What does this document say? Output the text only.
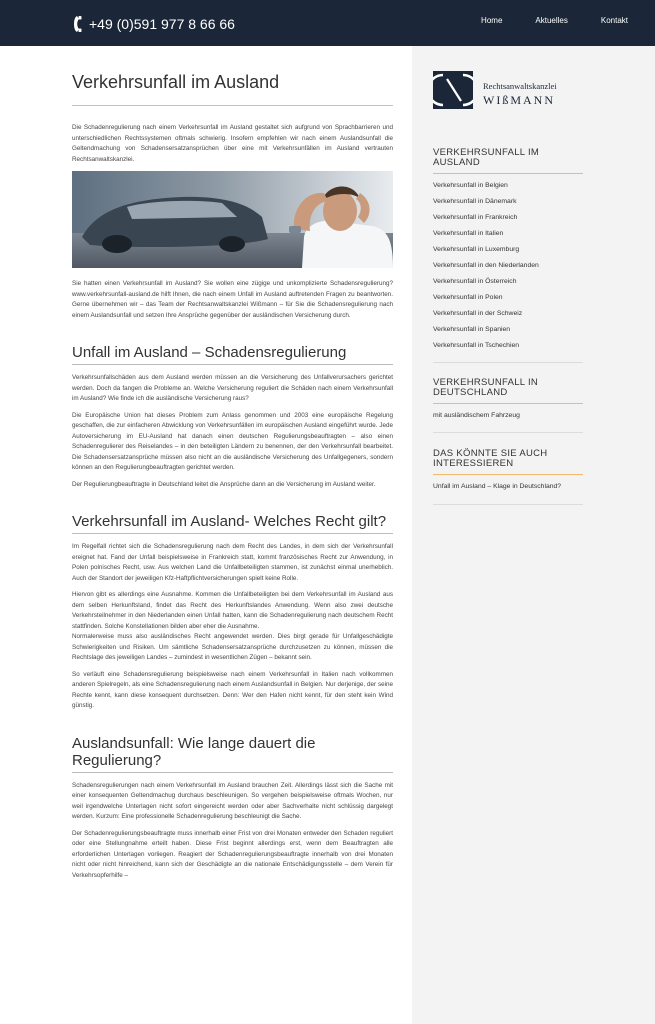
+49 (0)591 977 8 66 66	Home	Aktuelles	Kontakt
Verkehrsunfall im Ausland

Die Schadenregulierung nach einem Verkehrsunfall im Ausland gestaltet sich aufgrund von Sprachbarrieren und unterschiedlichen Rechtssystemen oftmals schwierig. Insofern empfehlen wir nach einem Auslandsunfall die Geltendmachung von Schadensersatzansprüchen über eine mit Verkehrsunfällen im Ausland vertrauten Rechtsanwaltskanzlei.

Sie hatten einen Verkehrsunfall im Ausland? Sie wollen eine zügige und unkomplizierte Schadensregulierung? www.verkehrsunfall-ausland.de hilft Ihnen, die nach einem Unfall im Ausland auftretenden Fragen zu beantworten. Gerne übernehmen wir – das Team der Rechtsanwaltskanzlei Wißmann – für Sie die Schadensregulierung nach einem Auslandsunfall und setzen Ihre Ansprüche gegenüber der ausländischen Versicherung durch.

Unfall im Ausland – Schadensregulierung

Verkehrsunfallschäden aus dem Ausland werden müssen an die Versicherung des Unfallverursachers gerichtet werden. Doch da fangen die Probleme an. Welche Versicherung reguliert die Schäden nach einem Verkehrsunfall im Ausland? Wie finde ich die ausländische Versicherung raus?

Die Europäische Union hat dieses Problem zum Anlass genommen und 2003 eine europäische Regelung geschaffen, die zur einfacheren Abwicklung von Verkehrsunfällen im europäischen Ausland eingeführt wurde. Jede Autoversicherung im EU-Ausland hat danach einen deutschen Regulierungsbeauftragten – also einen Schadenregulierer des Reiselandes – in den beteiligten Ländern zu benennen, der den Verkehrsunfall bearbeitet. Die Schadensersatzansprüche müssen also nicht an die ausländische Versicherung des Unfallgegeners, sondern können an den Regulierungbeauftragten gerichtet werden.

Der Regulierungbeauftragte in Deutschland leitet die Ansprüche dann an die Versicherung im Ausland weiter.

Verkehrsunfall im Ausland- Welches Recht gilt?

Im Regelfall richtet sich die Schadensregulierung nach dem Recht des Landes, in dem sich der Verkehrsunfall ereignet hat. Fand der Unfall beispielsweise in Frankreich statt, kommt französisches Recht zur Anwendung, in Polen polnisches Recht, usw. Aus welchen Land die Unfallbeteiligten stammen, ist zunächst einmal unerheblich. Auch der Standort der jeweiligen Kfz-Haftpflichtversicherungen spielt keine Rolle.

Hiervon gibt es allerdings eine Ausnahme. Kommen die Unfallbeteiligten bei dem Verkehrsunfall im Ausland aus dem selben Herkunftsland, findet das Recht des Herkunftslandes Anwendung. Wenn also zwei deutsche Verkehrsteilnehmer in den Niederlanden einen Unfall hatten, kann die Schadenregulierung nach deutschem Recht stattfinden. Solche Konstellationen bilden aber eher die Ausnahme.

Normalerweise muss also ausländisches Recht angewendet werden. Dies birgt gerade für Unfallgeschädigte Schwierigkeiten und Risiken. Um sämtliche Schadensersatzansprüche durchzusetzen zu können, müssen die Rechtslage des jeweiligen Landes – zumindest in wesentlichen Zügen – bekannt sein.

So verläuft eine Schadensregulierung beispielsweise nach einem Verkehrsunfall in Italien nach vollkommen anderen Spielregeln, als eine Schadensregulierung nach einem Auslandsunfall in Belgien. Nur derjenige, der seine Rechte kennt, kann diese konsequent durchsetzen. Denn: Wer den Hafen nicht kennt, für den steht kein Wind günstig.

Auslandsunfall: Wie lange dauert die Regulierung?

Schadensregulierungen nach einem Verkehrsunfall im Ausland brauchen Zeit. Allerdings lässt sich die Sache mit einer konsequenten Geltendmachug durchaus beschleunigen. So vergehen beispielsweise oftmals Wochen, nur weil irgendwelche Unterlagen nicht sofort eingereicht werden oder aber Sachverhalte nicht schlüssig dargelegt werden. Kurzum: Eine professionelle Schadenregulierung beschleunigt die Sache.

Der Schadenregulierungsbeauftragte muss innerhalb einer Frist von drei Monaten entweder den Schaden reguliert oder eine Stellungnahme erteilt haben. Diese Frist beginnt allerdings erst, wenn dem Beauftragten alle erforderlichen Unterlagen vorliegen. Reagiert der Schadenregulierungsbeauftragte innerhalb von drei Monaten nicht oder nicht hinreichend, kann sich der Geschädigte an die nationale Entschädigungsstelle – dem Verein für Verkehrsopferhilfe –

Rechtsanwaltskanzlei
WIßMANN
VERKEHRSUNFALL IM AUSLAND
Verkehrsunfall in Belgien
Verkehrsunfall in Dänemark
Verkehrsunfall in Frankreich
Verkehrsunfall in Italien
Verkehrsunfall in Luxemburg
Verkehrsunfall in den Niederlanden
Verkehrsunfall in Österreich
Verkehrsunfall in Polen
Verkehrsunfall in der Schweiz
Verkehrsunfall in Spanien
Verkehrsunfall in Tschechien
VERKEHRSUNFALL IN DEUTSCHLAND
mit ausländischem Fahrzeug
DAS KÖNNTE SIE AUCH INTERESSIEREN
Unfall im Ausland – Klage in Deutschland?
